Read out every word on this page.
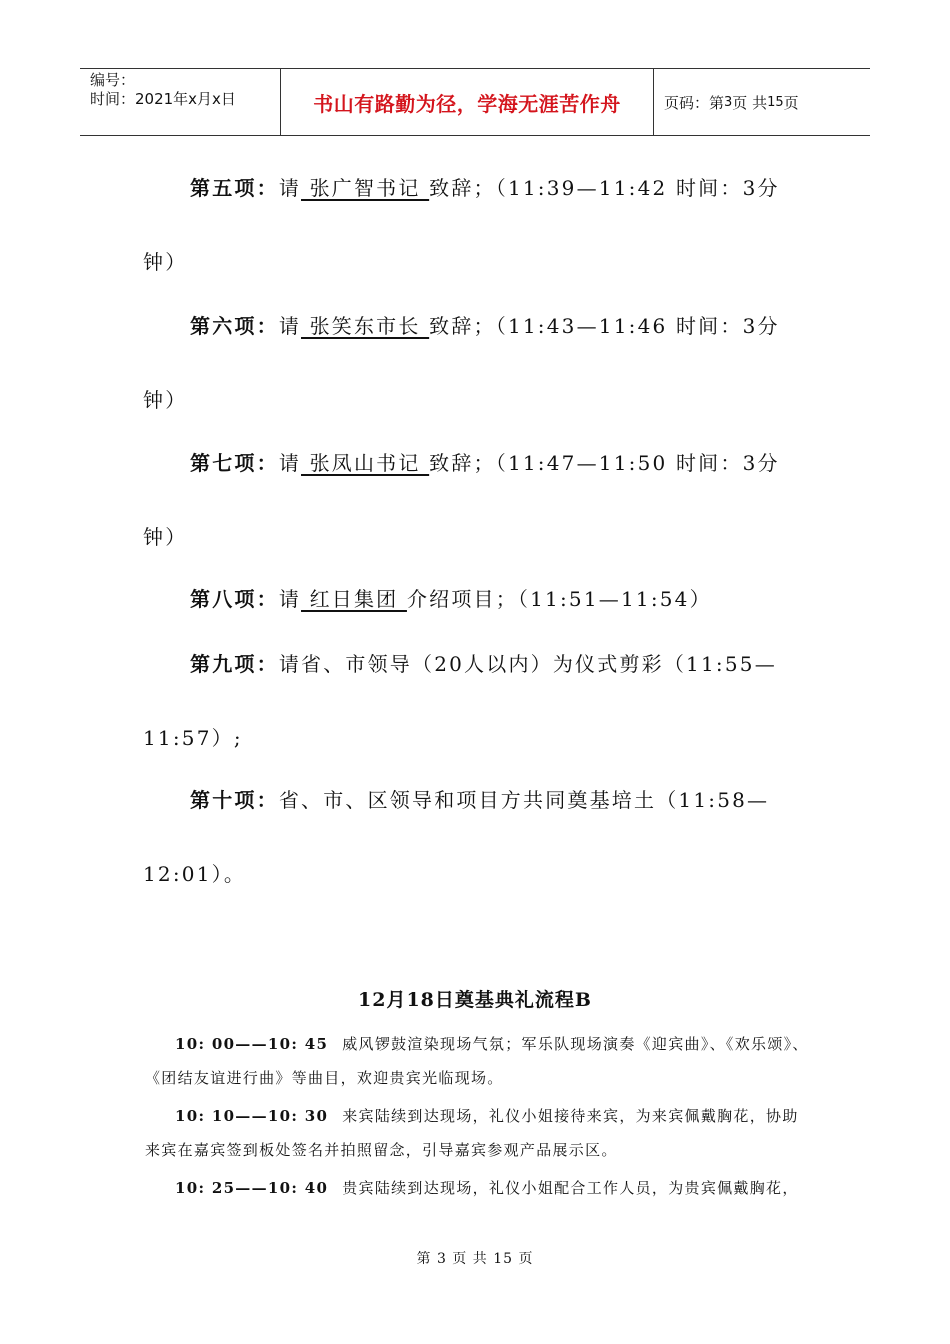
编号：
时间：2021年x月x日	书山有路勤为径，学海无涯苦作舟	页码：第 3 页 共 15 页
第五项：请 张广智书记 致辞；（11:39—11:42 时间：3分
钟）
第六项：请 张笑东市长 致辞；（11:43—11:46 时间：3分
钟）
第七项：请 张凤山书记 致辞；（11:47—11:50 时间：3分
钟）
第八项：请 红日集团 介绍项目；（11:51—11:54）
第九项：请省、市领导（20人以内）为仪式剪彩（11:55—
11:57）;
第十项：省、市、区领导和项目方共同奠基培土（11:58—
12:01）。
12月18日奠基典礼流程B
10: 00——10: 45 威风锣鼓渲染现场气氛；军乐队现场演奏《迎宾曲》、《欢乐颂》、《团结友谊进行曲》等曲目，欢迎贵宾光临现场。
10: 10——10: 30 来宾陆续到达现场，礼仪小姐接待来宾，为来宾佩戴胸花，协助来宾在嘉宾签到板处签名并拍照留念，引导嘉宾参观产品展示区。
10: 25——10: 40 贵宾陆续到达现场，礼仪小姐配合工作人员，为贵宾佩戴胸花，
第 3 页 共 15 页
